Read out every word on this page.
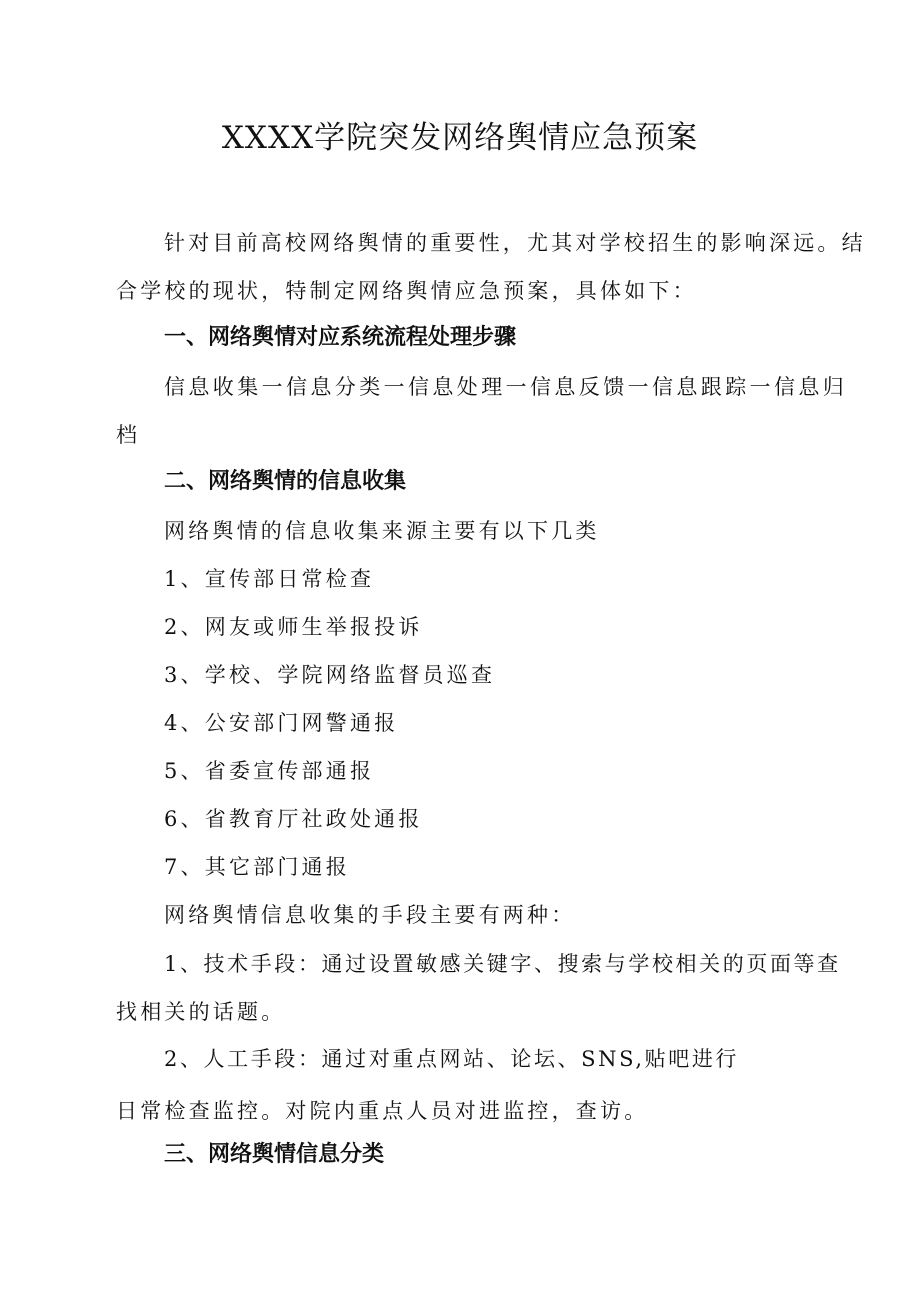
XXXX学院突发网络舆情应急预案
针对目前高校网络舆情的重要性，尤其对学校招生的影响深远。结
合学校的现状，特制定网络舆情应急预案，具体如下：
一、网络舆情对应系统流程处理步骤
信息收集一信息分类一信息处理一信息反馈一信息跟踪一信息归
档
二、网络舆情的信息收集
网络舆情的信息收集来源主要有以下几类
1、宣传部日常检查
2、网友或师生举报投诉
3、学校、学院网络监督员巡查
4、公安部门网警通报
5、省委宣传部通报
6、省教育厅社政处通报
7、其它部门通报
网络舆情信息收集的手段主要有两种：
1、技术手段：通过设置敏感关键字、搜索与学校相关的页面等查
找相关的话题。
2、人工手段：通过对重点网站、论坛、SNS,贴吧进行
日常检查监控。对院内重点人员对进监控，查访。
三、网络舆情信息分类
